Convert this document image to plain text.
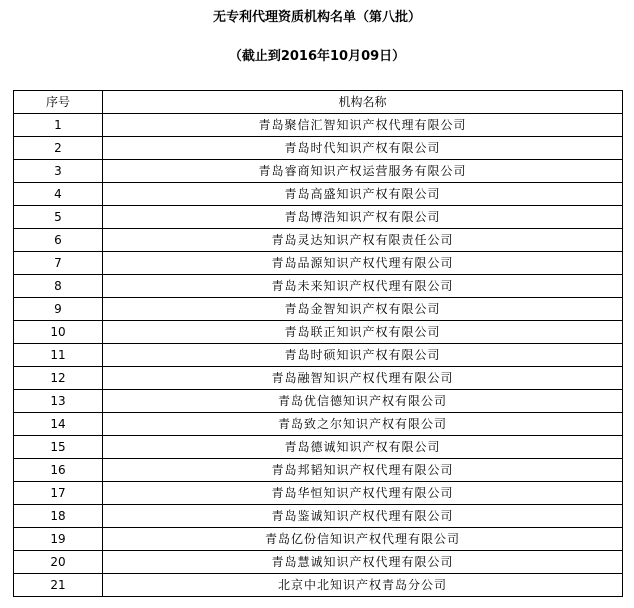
无专利代理资质机构名单（第八批）
（截止到2016年10月09日）
序号	机构名称
1	青岛聚信汇智知识产权代理有限公司
2	青岛时代知识产权有限公司
3	青岛睿商知识产权运营服务有限公司
4	青岛高盛知识产权有限公司
5	青岛博浩知识产权有限公司
6	青岛灵达知识产权有限责任公司
7	青岛品源知识产权代理有限公司
8	青岛未来知识产权代理有限公司
9	青岛金智知识产权有限公司
10	青岛联正知识产权有限公司
11	青岛时硕知识产权有限公司
12	青岛融智知识产权代理有限公司
13	青岛优信德知识产权有限公司
14	青岛致之尔知识产权有限公司
15	青岛德诚知识产权有限公司
16	青岛邦韬知识产权代理有限公司
17	青岛华恒知识产权代理有限公司
18	青岛鉴诚知识产权代理有限公司
19	青岛亿份信知识产权代理有限公司
20	青岛慧诚知识产权代理有限公司
21	北京中北知识产权青岛分公司
